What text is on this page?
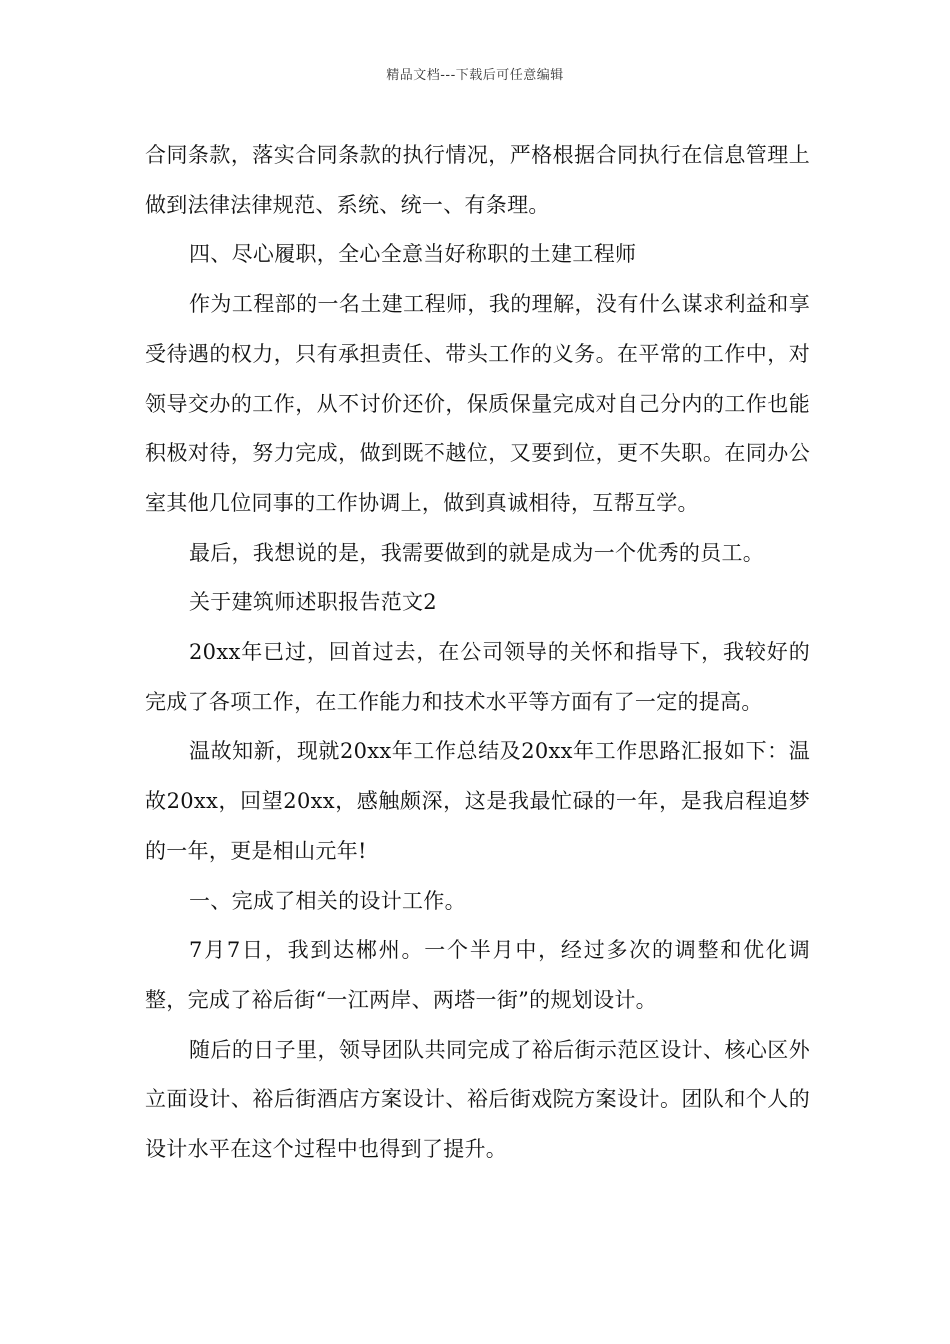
精品文档---下载后可任意编辑

合同条款，落实合同条款的执行情况，严格根据合同执行在信息管理上做到法律法律规范、系统、统一、有条理。

四、尽心履职，全心全意当好称职的土建工程师

作为工程部的一名土建工程师，我的理解，没有什么谋求利益和享受待遇的权力，只有承担责任、带头工作的义务。在平常的工作中，对领导交办的工作，从不讨价还价，保质保量完成对自己分内的工作也能积极对待，努力完成，做到既不越位，又要到位，更不失职。在同办公室其他几位同事的工作协调上，做到真诚相待，互帮互学。

最后，我想说的是，我需要做到的就是成为一个优秀的员工。

关于建筑师述职报告范文2

20xx年已过，回首过去，在公司领导的关怀和指导下，我较好的完成了各项工作，在工作能力和技术水平等方面有了一定的提高。

温故知新，现就20xx年工作总结及20xx年工作思路汇报如下：温故20xx，回望20xx，感触颇深，这是我最忙碌的一年，是我启程追梦的一年，更是相山元年!

一、完成了相关的设计工作。

7月7日，我到达郴州。一个半月中，经过多次的调整和优化调整，完成了裕后街“一江两岸、两塔一街”的规划设计。

随后的日子里，领导团队共同完成了裕后街示范区设计、核心区外立面设计、裕后街酒店方案设计、裕后街戏院方案设计。团队和个人的设计水平在这个过程中也得到了提升。
